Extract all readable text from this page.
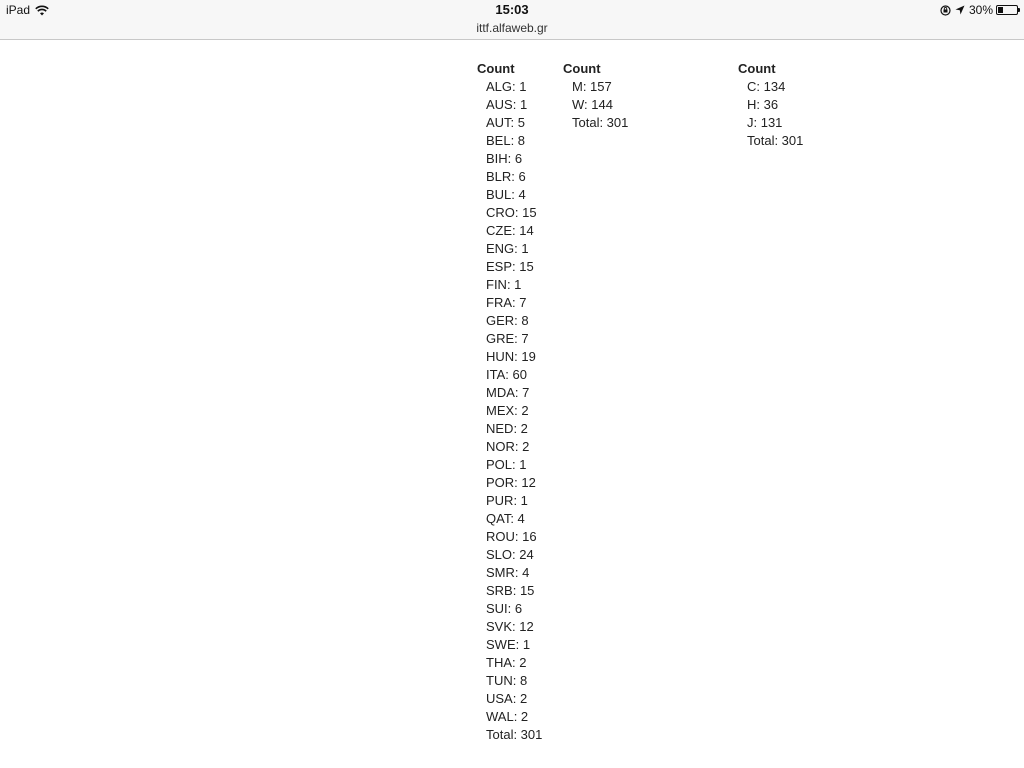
iPad	15:03	30%
ittf.alfaweb.gr
Count
ALG: 1
AUS: 1
AUT: 5
BEL: 8
BIH: 6
BLR: 6
BUL: 4
CRO: 15
CZE: 14
ENG: 1
ESP: 15
FIN: 1
FRA: 7
GER: 8
GRE: 7
HUN: 19
ITA: 60
MDA: 7
MEX: 2
NED: 2
NOR: 2
POL: 1
POR: 12
PUR: 1
QAT: 4
ROU: 16
SLO: 24
SMR: 4
SRB: 15
SUI: 6
SVK: 12
SWE: 1
THA: 2
TUN: 8
USA: 2
WAL: 2
Total: 301
Count
M: 157
W: 144
Total: 301
Count
C: 134
H: 36
J: 131
Total: 301
